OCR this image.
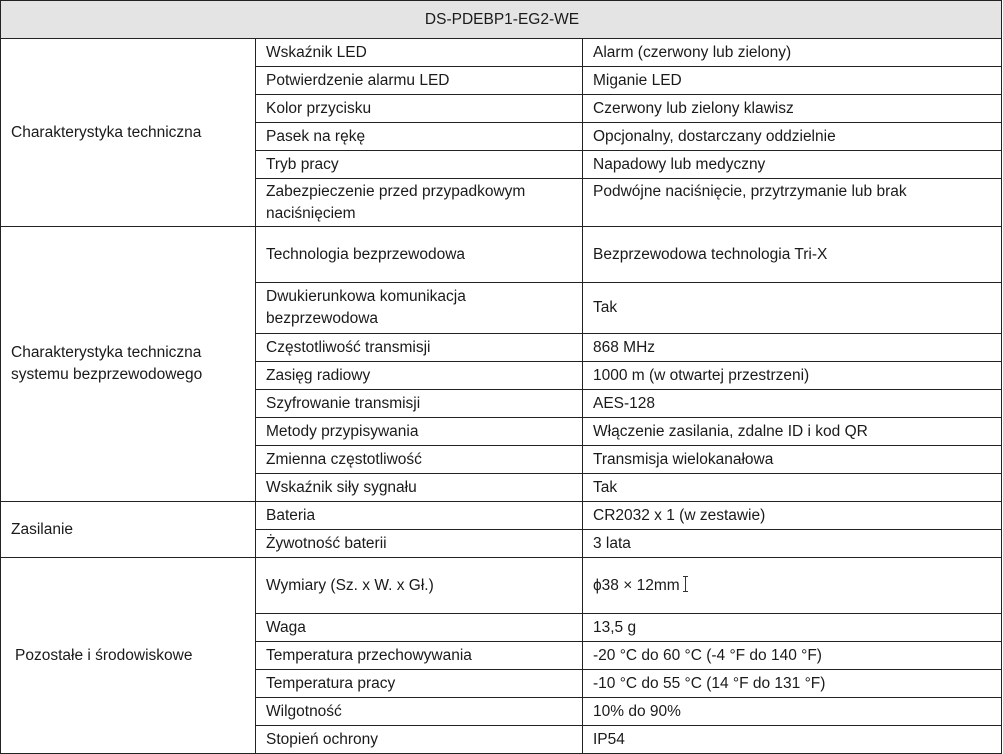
DS-PDEBP1-EG2-WE		
Charakterystyka techniczna	Wskaźnik LED	Alarm (czerwony lub zielony)
	Potwierdzenie alarmu LED	Miganie LED
	Kolor przycisku	Czerwony lub zielony klawisz
	Pasek na rękę	Opcjonalny, dostarczany oddzielnie
	Tryb pracy	Napadowy lub medyczny
	Zabezpieczenie przed przypadkowym naciśnięciem	Podwójne naciśnięcie, przytrzymanie lub brak
Charakterystyka techniczna systemu bezprzewodowego	Technologia bezprzewodowa	Bezprzewodowa technologia Tri-X
	Dwukierunkowa komunikacja bezprzewodowa	Tak
	Częstotliwość transmisji	868 MHz
	Zasięg radiowy	1000 m (w otwartej przestrzeni)
	Szyfrowanie transmisji	AES-128
	Metody przypisywania	Włączenie zasilania, zdalne ID i kod QR
	Zmienna częstotliwość	Transmisja wielokanałowa
	Wskaźnik siły sygnału	Tak
Zasilanie	Bateria	CR2032 x 1 (w zestawie)
	Żywotność baterii	3 lata
Pozostałe i środowiskowe	Wymiary (Sz. x W. x Gł.)	ϕ38 × 12mm
	Waga	13,5 g
	Temperatura przechowywania	-20 °C do 60 °C (-4 °F do 140 °F)
	Temperatura pracy	-10 °C do 55 °C (14 °F do 131 °F)
	Wilgotność	10% do 90%
	Stopień ochrony	IP54
